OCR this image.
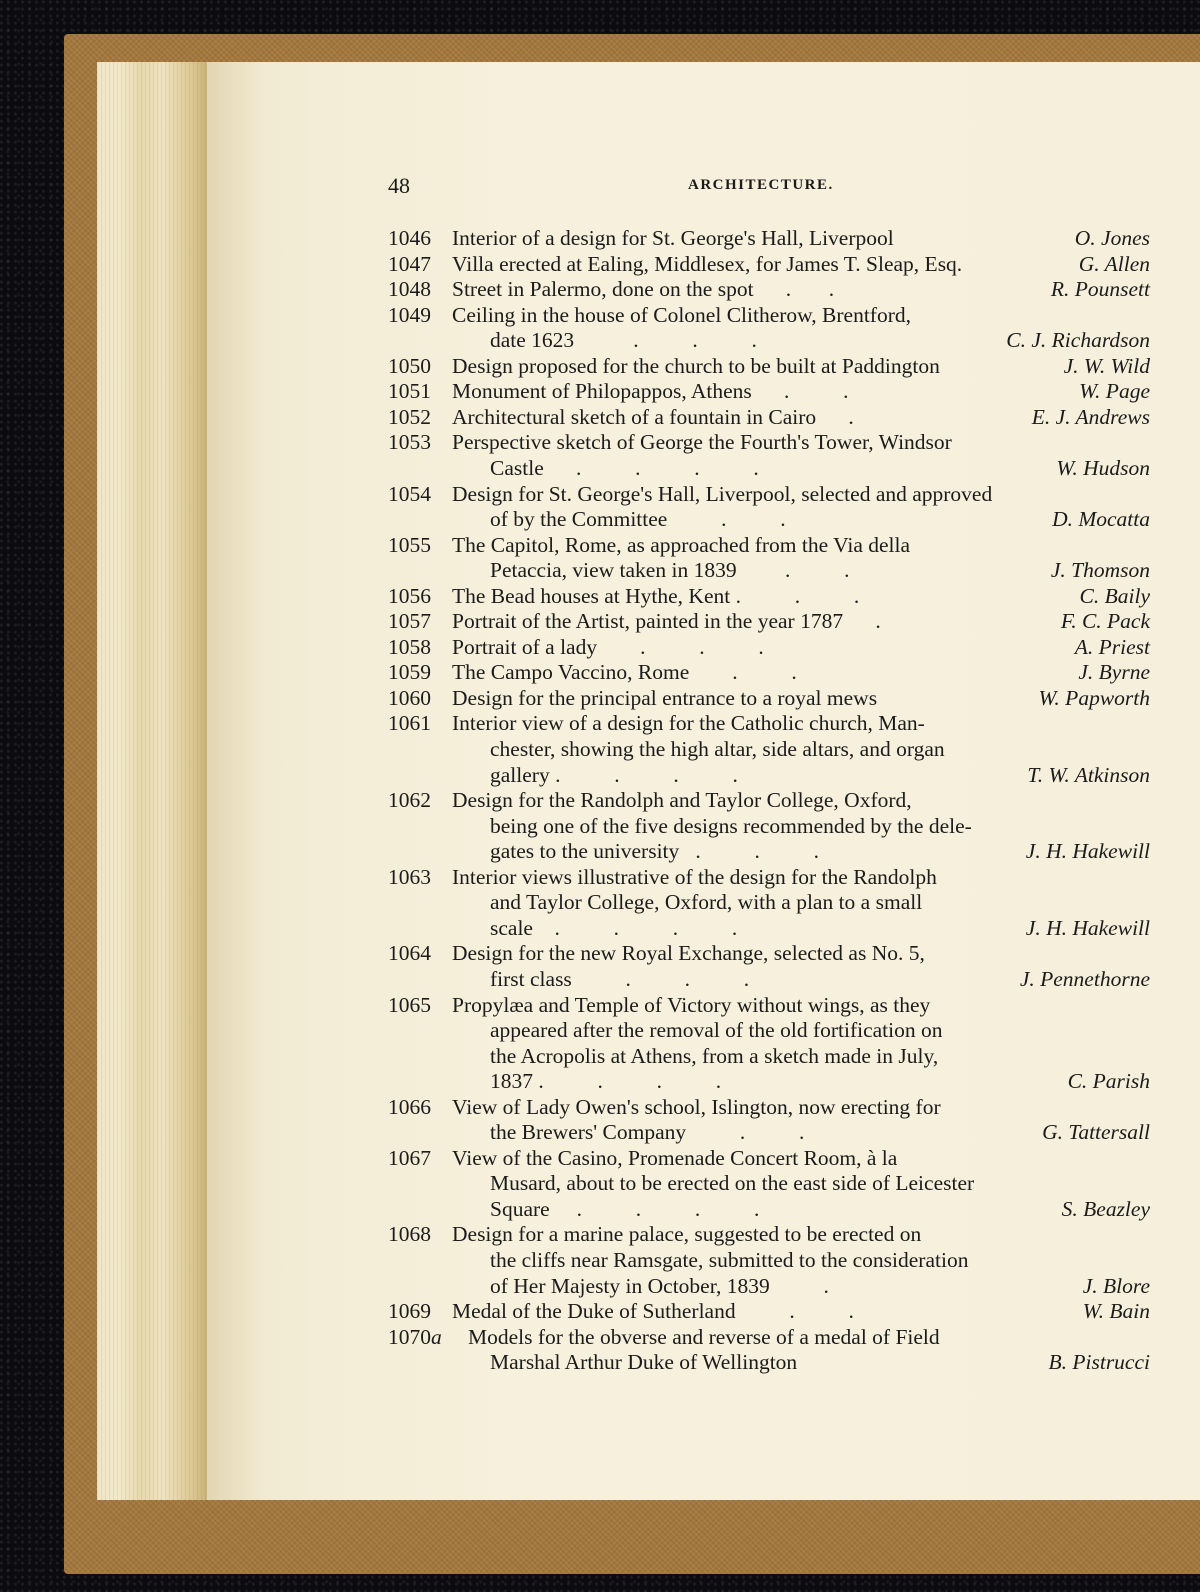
48	ARCHITECTURE.
1046 Interior of a design for St. George's Hall, Liverpool	O. Jones
1047 Villa erected at Ealing, Middlesex, for James T. Sleap, Esq.	G. Allen
1048 Street in Palermo, done on the spot      .       .	R. Pounsett
1049 Ceiling in the house of Colonel Clitherow, Brentford,
date 1623           .          .          .	C. J. Richardson
1050 Design proposed for the church to be built at Paddington	J. W. Wild
1051 Monument of Philopappos, Athens      .          .	W. Page
1052 Architectural sketch of a fountain in Cairo      .	E. J. Andrews
1053 Perspective sketch of George the Fourth's Tower, Windsor
Castle      .          .          .          .	W. Hudson
1054 Design for St. George's Hall, Liverpool, selected and approved
of by the Committee          .          .	D. Mocatta
1055 The Capitol, Rome, as approached from the Via della
Petaccia, view taken in 1839         .          .	J. Thomson
1056 The Bead houses at Hythe, Kent .          .          .	C. Baily
1057 Portrait of the Artist, painted in the year 1787      .	F. C. Pack
1058 Portrait of a lady        .          .          .	A. Priest
1059 The Campo Vaccino, Rome        .          .	J. Byrne
1060 Design for the principal entrance to a royal mews	W. Papworth
1061 Interior view of a design for the Catholic church, Man-
chester, showing the high altar, side altars, and organ
gallery .          .          .          .	T. W. Atkinson
1062 Design for the Randolph and Taylor College, Oxford,
being one of the five designs recommended by the dele-
gates to the university   .          .          .	J. H. Hakewill
1063 Interior views illustrative of the design for the Randolph
and Taylor College, Oxford, with a plan to a small
scale    .          .          .          .	J. H. Hakewill
1064 Design for the new Royal Exchange, selected as No. 5,
first class          .          .          .	J. Pennethorne
1065 Propylæa and Temple of Victory without wings, as they
appeared after the removal of the old fortification on
the Acropolis at Athens, from a sketch made in July,
1837 .          .          .          .	C. Parish
1066 View of Lady Owen's school, Islington, now erecting for
the Brewers' Company          .          .	G. Tattersall
1067 View of the Casino, Promenade Concert Room, à la
Musard, about to be erected on the east side of Leicester
Square     .          .          .          .	S. Beazley
1068 Design for a marine palace, suggested to be erected on
the cliffs near Ramsgate, submitted to the consideration
of Her Majesty in October, 1839          .	J. Blore
1069 Medal of the Duke of Sutherland          .          .	W. Bain
1070a Models for the obverse and reverse of a medal of Field
Marshal Arthur Duke of Wellington	B. Pistrucci
